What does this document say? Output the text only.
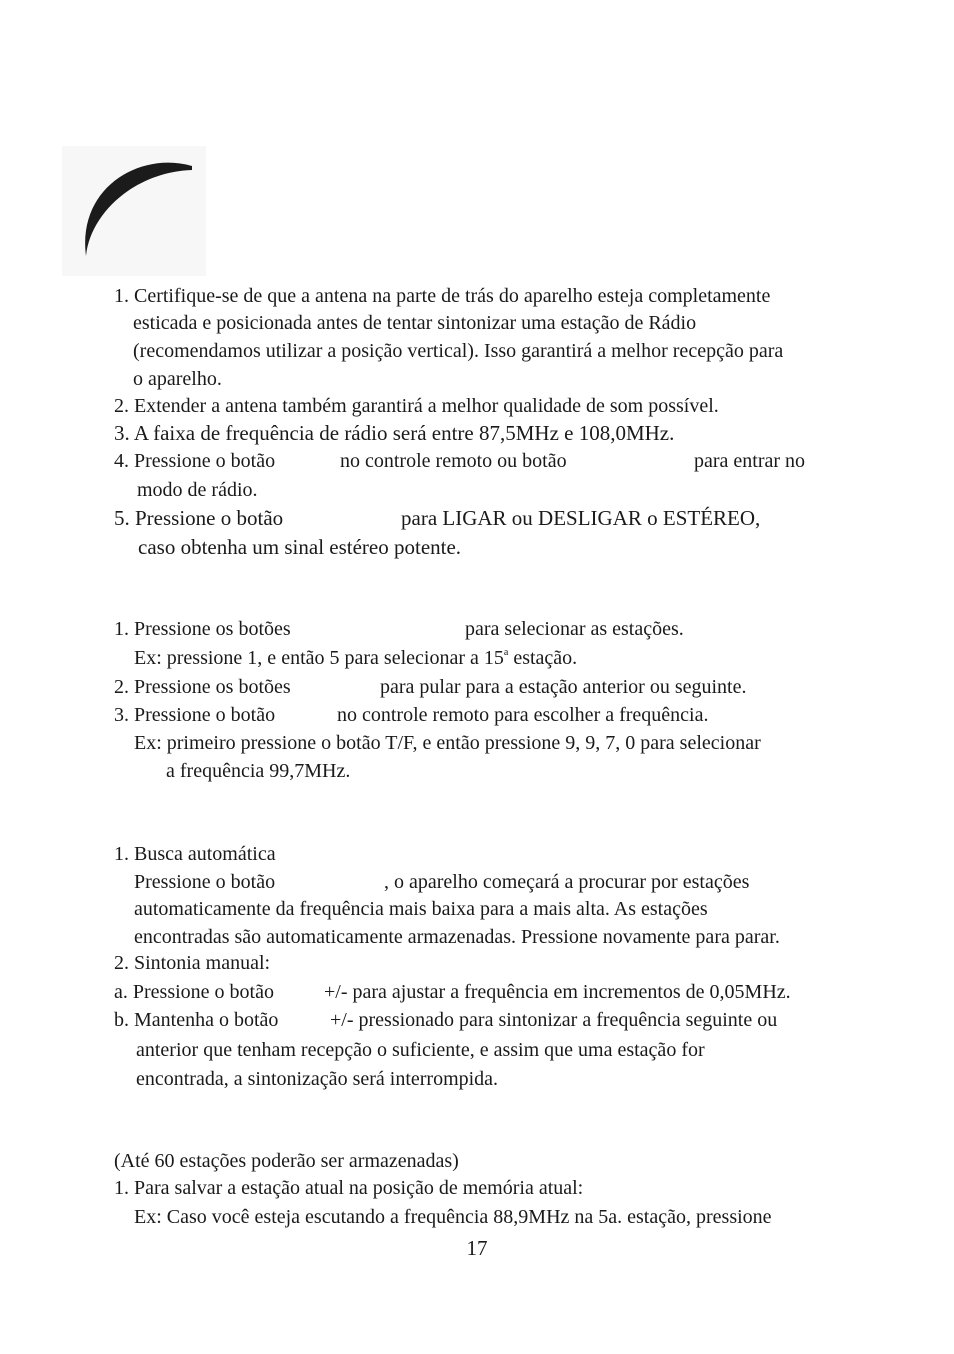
1. Certifique-se de que a antena na parte de trás do aparelho esteja completamente
esticada e posicionada antes de tentar sintonizar uma estação de Rádio
(recomendamos utilizar a posição vertical). Isso garantirá a melhor recepção para
o aparelho.
2. Extender a antena também garantirá a melhor qualidade de som possível.
3. A faixa de frequência de rádio será entre 87,5MHz e 108,0MHz.
4. Pressione o botão	no controle remoto ou botão	para entrar no
modo de rádio.
5. Pressione o botão	para LIGAR ou DESLIGAR o ESTÉREO,
caso obtenha um sinal estéreo potente.
1. Pressione os botões	para selecionar as estações.
Ex: pressione 1, e então 5 para selecionar a 15$^a$ estação.
2. Pressione os botões	para pular para a estação anterior ou seguinte.
3. Pressione o botão	no controle remoto para escolher a frequência.
Ex: primeiro pressione o botão T/F, e então pressione 9, 9, 7, 0 para selecionar
a frequência 99,7MHz.
1. Busca automática
Pressione o botão	, o aparelho começará a procurar por estações
automaticamente da frequência mais baixa para a mais alta. As estações
encontradas são automaticamente armazenadas. Pressione novamente para parar.
2. Sintonia manual:
a. Pressione o botão	+/- para ajustar a frequência em incrementos de 0,05MHz.
b. Mantenha o botão	+/- pressionado para sintonizar a frequência seguinte ou
anterior que tenham recepção o suficiente, e assim que uma estação for
encontrada, a sintonização será interrompida.
(Até 60 estações poderão ser armazenadas)
1. Para salvar a estação atual na posição de memória atual:
Ex: Caso você esteja escutando a frequência 88,9MHz na 5a. estação, pressione
17
